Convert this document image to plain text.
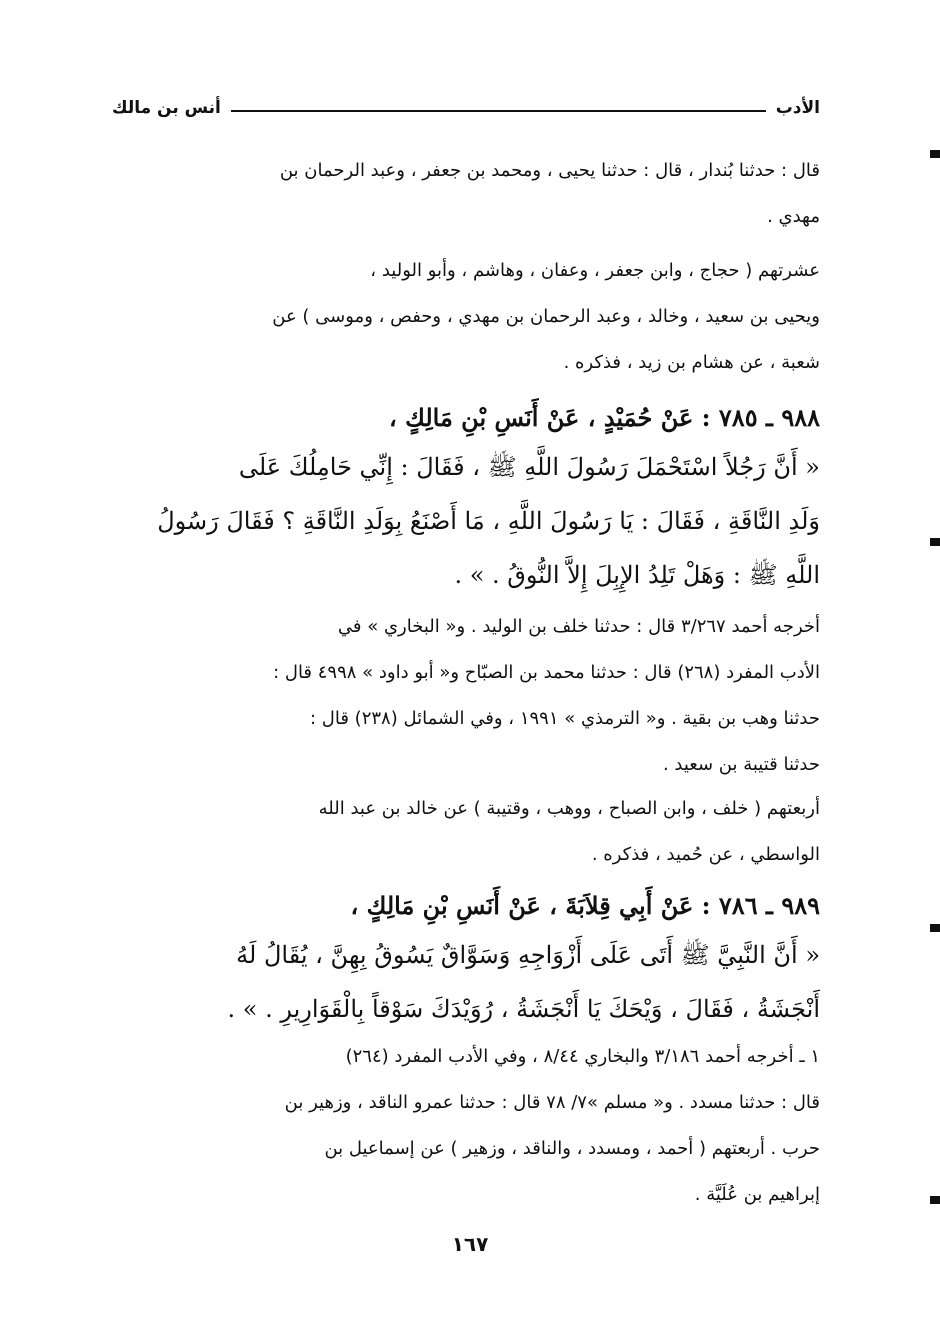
الأدب
أنس بن مالك
قال : حدثنا بُندار ، قال : حدثنا يحيى ، ومحمد بن جعفر ، وعبد الرحمان بن
مهدي .
عشرتهم ( حجاج ، وابن جعفر ، وعفان ، وهاشم ، وأبو الوليد ،
ويحيى بن سعيد ، وخالد ، وعبد الرحمان بن مهدي ، وحفص ، وموسى ) عن
شعبة ، عن هشام بن زيد ، فذكره .
٩٨٨ ـ ٧٨٥ : عَنْ حُمَيْدٍ ، عَنْ أَنَسِ بْنِ مَالِكٍ ،
« أَنَّ رَجُلاً اسْتَحْمَلَ رَسُولَ اللَّهِ ﷺ ، فَقَالَ : إِنِّي حَامِلُكَ عَلَى
وَلَدِ النَّاقَةِ ، فَقَالَ : يَا رَسُولَ اللَّهِ ، مَا أَصْنَعُ بِوَلَدِ النَّاقَةِ ؟ فَقَالَ رَسُولُ
اللَّهِ ﷺ : وَهَلْ تَلِدُ الإِبِلَ إِلاَّ النُّوقُ . » .
أخرجه أحمد ٣/٢٦٧ قال : حدثنا خلف بن الوليد . و« البخاري » في
الأدب المفرد (٢٦٨) قال : حدثنا محمد بن الصبّاح و« أبو داود » ٤٩٩٨ قال :
حدثنا وهب بن بقية . و« الترمذي » ١٩٩١ ، وفي الشمائل (٢٣٨) قال :
حدثنا قتيبة بن سعيد .
أربعتهم ( خلف ، وابن الصباح ، ووهب ، وقتيبة ) عن خالد بن عبد الله
الواسطي ، عن حُميد ، فذكره .
٩٨٩ ـ ٧٨٦ : عَنْ أَبِي قِلاَبَةَ ، عَنْ أَنَسِ بْنِ مَالِكٍ ،
« أَنَّ النَّبِيَّ ﷺ أَتَى عَلَى أَزْوَاجِهِ وَسَوَّاقٌ يَسُوقُ بِهِنَّ ، يُقَالُ لَهُ
أَنْجَشَةُ ، فَقَالَ ، وَيْحَكَ يَا أَنْجَشَةُ ، رُوَيْدَكَ سَوْقاً بِالْقَوَارِيرِ . » .
١ ـ أخرجه أحمد ٣/١٨٦ والبخاري ٨/٤٤ ، وفي الأدب المفرد (٢٦٤)
قال : حدثنا مسدد . و« مسلم »٧/ ٧٨ قال : حدثنا عمرو الناقد ، وزهير بن
حرب . أربعتهم ( أحمد ، ومسدد ، والناقد ، وزهير ) عن إسماعيل بن
إبراهيم بن عُلَيَّة .
١٦٧
